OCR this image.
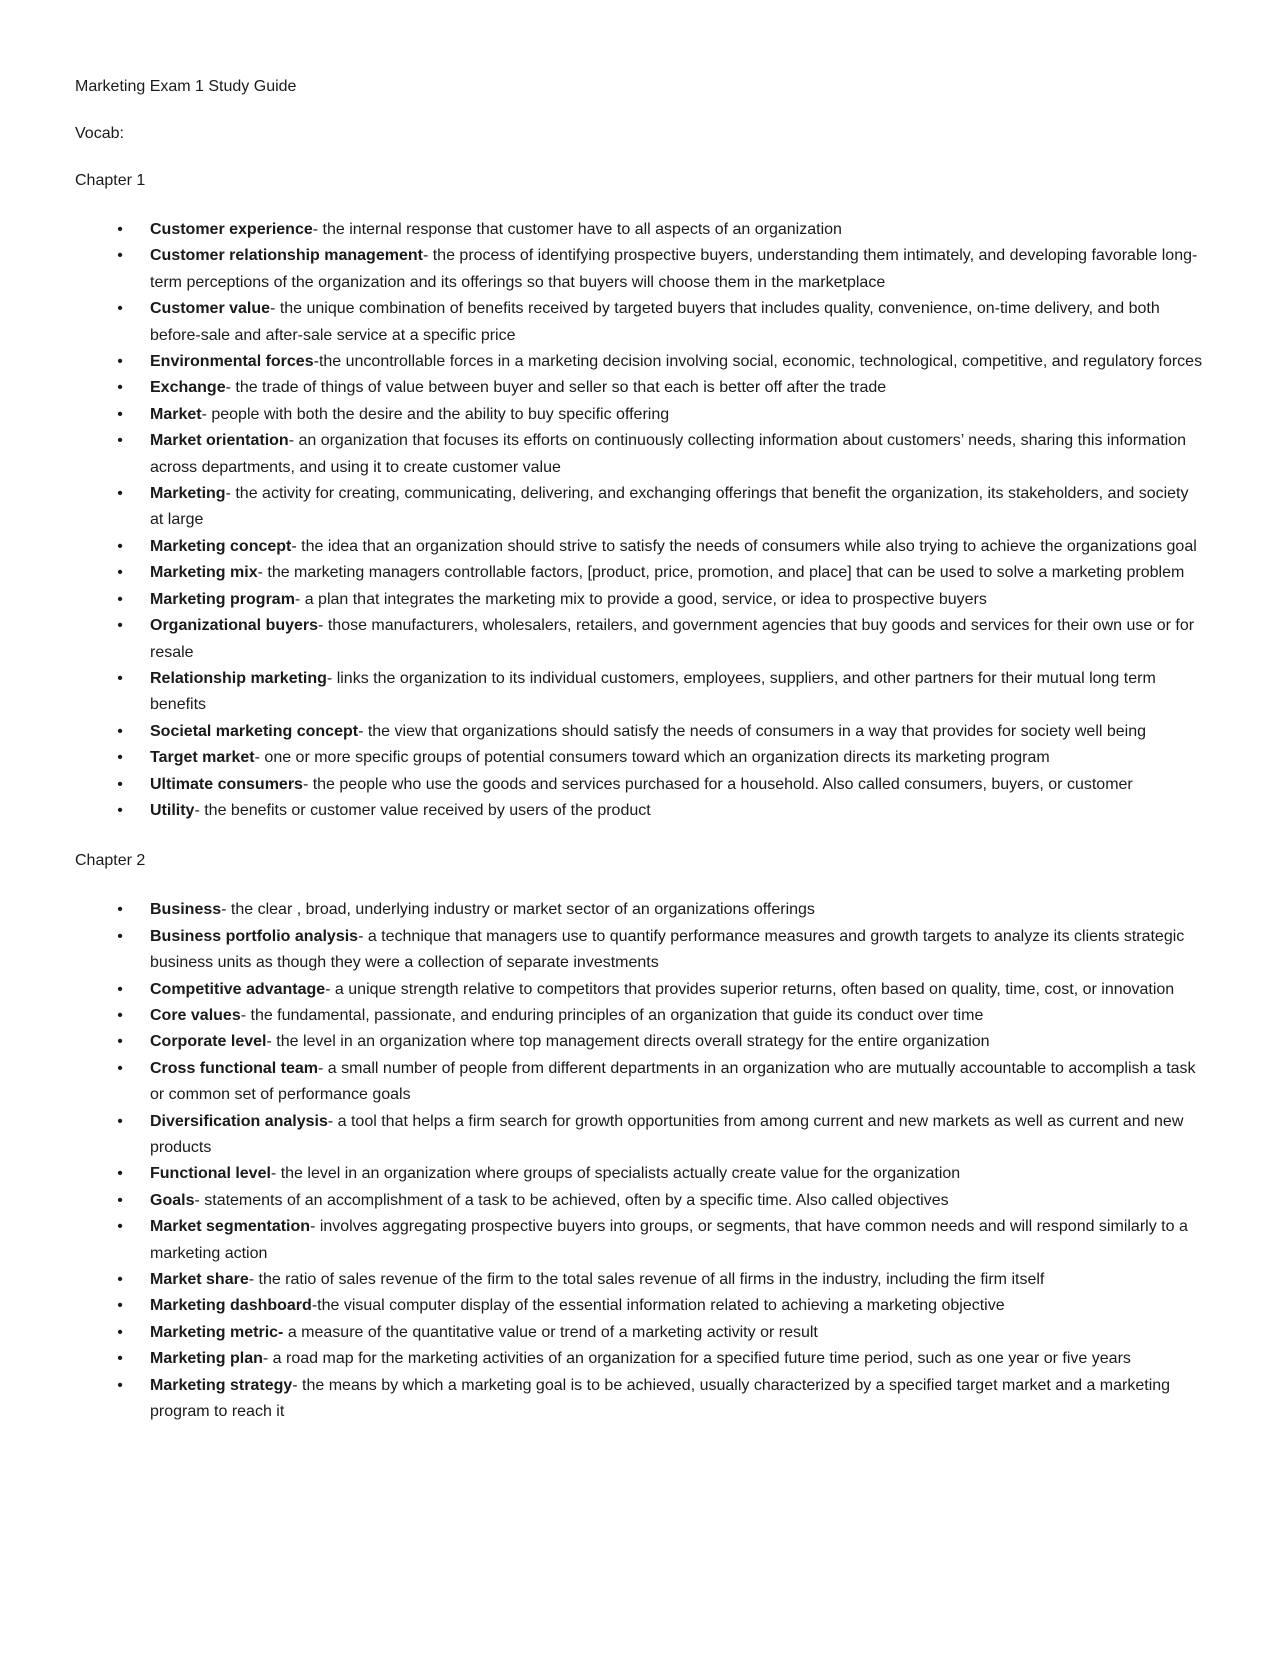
Marketing Exam 1 Study Guide

Vocab:

Chapter 1

•	Customer experience- the internal response that customer have to all aspects of an organization
•	Customer relationship management- the process of identifying prospective buyers, understanding them intimately, and developing favorable long-term perceptions of the organization and its offerings so that buyers will choose them in the marketplace
•	Customer value- the unique combination of benefits received by targeted buyers that includes quality, convenience, on-time delivery, and both before-sale and after-sale service at a specific price
•	Environmental forces-the uncontrollable forces in a marketing decision involving social, economic, technological, competitive, and regulatory forces
•	Exchange- the trade of things of value between buyer and seller so that each is better off after the trade
•	Market- people with both the desire and the ability to buy specific offering
•	Market orientation- an organization that focuses its efforts on continuously collecting information about customers’ needs, sharing this information across departments, and using it to create customer value
•	Marketing- the activity for creating, communicating, delivering, and exchanging offerings that benefit the organization, its stakeholders, and society at large
•	Marketing concept- the idea that an organization should strive to satisfy the needs of consumers while also trying to achieve the organizations goal
•	Marketing mix- the marketing managers controllable factors, [product, price, promotion, and place] that can be used to solve a marketing problem
•	Marketing program- a plan that integrates the marketing mix to provide a good, service, or idea to prospective buyers
•	Organizational buyers- those manufacturers, wholesalers, retailers, and government agencies that buy goods and services for their own use or for resale
•	Relationship marketing- links the organization to its individual customers, employees, suppliers, and other partners for their mutual long term benefits
•	Societal marketing concept- the view that organizations should satisfy the needs of consumers in a way that provides for society well being
•	Target market- one or more specific groups of potential consumers toward which an organization directs its marketing program
•	Ultimate consumers- the people who use the goods and services purchased for a household. Also called consumers, buyers, or customer
•	Utility- the benefits or customer value received by users of the product

Chapter 2

•	Business- the clear , broad, underlying industry or market sector of an organizations offerings
•	Business portfolio analysis- a technique that managers use to quantify performance measures and growth targets to analyze its clients strategic business units as though they were a collection of separate investments
•	Competitive advantage- a unique strength relative to competitors that provides superior returns, often based on quality, time, cost, or innovation
•	Core values- the fundamental, passionate, and enduring principles of an organization that guide its conduct over time
•	Corporate level- the level in an organization where top management directs overall strategy for the entire organization
•	Cross functional team- a small number of people from different departments in an organization who are mutually accountable to accomplish a task or common set of performance goals
•	Diversification analysis- a tool that helps a firm search for growth opportunities from among current and new markets as well as current and new products
•	Functional level- the level in an organization where groups of specialists actually create value for the organization
•	Goals- statements of an accomplishment of a task to be achieved, often by a specific time. Also called objectives
•	Market segmentation- involves aggregating prospective buyers into groups, or segments, that have common needs and will respond similarly to a marketing action
•	Market share- the ratio of sales revenue of the firm to the total sales revenue of all firms in the industry, including the firm itself
•	Marketing dashboard-the visual computer display of the essential information related to achieving a marketing objective
•	Marketing metric- a measure of the quantitative value or trend of a marketing activity or result
•	Marketing plan- a road map for the marketing activities of an organization for a specified future time period, such as one year or five years
•	Marketing strategy- the means by which a marketing goal is to be achieved, usually characterized by a specified target market and a marketing program to reach it
